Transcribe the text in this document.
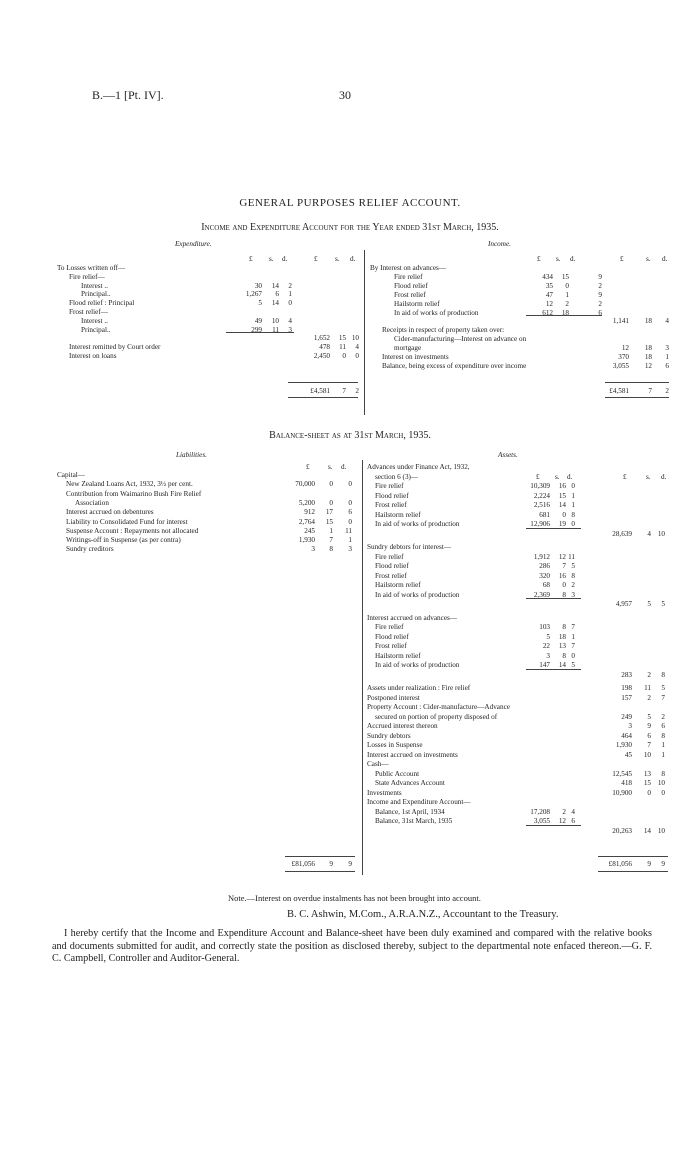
B.—1 [Pt. IV].	30
GENERAL PURPOSES RELIEF ACCOUNT.
Income and Expenditure Account for the Year ended 31st March, 1935.
Expenditure.	Income.
£ s. d.	£ s. d.
To Losses written off—
Fire relief—
Interest ..	30	14	2
Principal..	1,267	6	1
Flood relief : Principal	5	14	0
Frost relief—
Interest ..	49	10	4
Principal..	299	11	3
1,652	15 10
Interest remitted by Court order	478	11	4
Interest on loans	2,450	0	0
£4,581	7	2
£ s. d.	£	s. d.
By Interest on advances—
Fire relief	434	15	9
Flood relief	35	0	2
Frost relief	47	1	9
Hailstorm relief	12	2	2
In aid of works of production	612	18	6
1,141	18	4
Receipts in respect of property taken over:
Cider-manufacturing—Interest on advance on
mortgage	12	18	3
Interest on investments	370	18	1
Balance, being excess of expenditure over income	3,055	12	6
£4,581	7	2
Balance-sheet as at 31st March, 1935.
Liabilities.	Assets.
£	s. d.
Capital—
New Zealand Loans Act, 1932, 3½ per cent.	70,000	0	0
Contribution from Waimarino Bush Fire Relief
Association	5,200	0	0
Interest accrued on debentures	912	17	6
Liability to Consolidated Fund for interest	2,764	15	0
Suspense Account : Repayments not allocated	245	1	11
Writings-off in Suspense (as per contra)	1,930	7	1
Sundry creditors	3	8	3
£81,056	9	9
£ s. d.	£	s. d.
Advances under Finance Act, 1932,
section 6 (3)—
Fire relief	10,309	16 0
Flood relief	2,224	15 1
Frost relief	2,516	14 1
Hailstorm relief	681	0 8
In aid of works of production	12,906	19 0
28,639	4 10
Sundry debtors for interest—
Fire relief	1,912	12 11
Flood relief	286	7 5
Frost relief	320	16 8
Hailstorm relief	68	0 2
In aid of works of production	2,369	8 3
4,957	5	5
Interest accrued on advances—
Fire relief	103	8 7
Flood relief	5	18 1
Frost relief	22	13 7
Hailstorm relief	3	8 0
In aid of works of production	147	14 5
283	2	8
Assets under realization : Fire relief	198	11	5
Postponed interest	157	2	7
Property Account : Cider-manufacture—Advance
secured on portion of property disposed of	249	5	2
Accrued interest thereon	3	9	6
Sundry debtors	464	6	8
Losses in Suspense	1,930	7	1
Interest accrued on investments	45	10	1
Cash—
Public Account	12,545	13	8
State Advances Account	418	15 10
Investments	10,900	0	0
Income and Expenditure Account—
Balance, 1st April, 1934	17,208	2 4
Balance, 31st March, 1935	3,055	12 6
20,263	14 10
£81,056	9	9
Note.—Interest on overdue instalments has not been brought into account.
B. C. Ashwin, M.Com., A.R.A.N.Z., Accountant to the Treasury.
I hereby certify that the Income and Expenditure Account and Balance-sheet have been duly examined and compared with the relative books and documents submitted for audit, and correctly state the position as disclosed thereby, subject to the departmental note enfaced thereon.—G. F. C. Campbell, Controller and Auditor-General.
